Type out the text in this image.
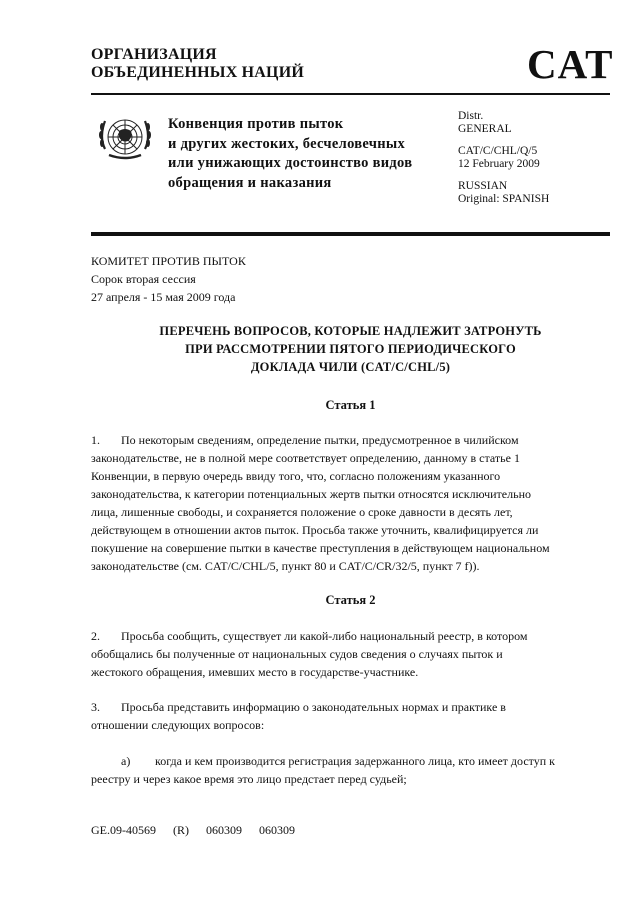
ОРГАНИЗАЦИЯ
ОБЪЕДИНЕННЫХ НАЦИЙ	CAT
Конвенция против пыток
и других жестоких, бесчеловечных
или унижающих достоинство видов
обращения и наказания
Distr.
GENERAL
CAT/C/CHL/Q/5
12 February 2009
RUSSIAN
Original: SPANISH
КОМИТЕТ ПРОТИВ ПЫТОК
Сорок вторая сессия
27 апреля - 15 мая 2009 года
ПЕРЕЧЕНЬ ВОПРОСОВ, КОТОРЫЕ НАДЛЕЖИТ ЗАТРОНУТЬ
ПРИ РАССМОТРЕНИИ ПЯТОГО ПЕРИОДИЧЕСКОГО
ДОКЛАДА ЧИЛИ (CAT/C/CHL/5)
Статья 1
1. По некоторым сведениям, определение пытки, предусмотренное в чилийском
законодательстве, не в полной мере соответствует определению, данному в статье 1
Конвенции, в первую очередь ввиду того, что, согласно положениям указанного
законодательства, к категории потенциальных жертв пытки относятся исключительно
лица, лишенные свободы, и сохраняется положение о сроке давности в десять лет,
действующем в отношении актов пыток. Просьба также уточнить, квалифицируется ли
покушение на совершение пытки в качестве преступления в действующем национальном
законодательстве (см. CAT/C/CHL/5, пункт 80 и CAT/C/CR/32/5, пункт 7 f)).
Статья 2
2. Просьба сообщить, существует ли какой-либо национальный реестр, в котором
обобщались бы полученные от национальных судов сведения о случаях пыток и
жестокого обращения, имевших место в государстве-участнике.
3. Просьба представить информацию о законодательных нормах и практике в
отношении следующих вопросов:
a) когда и кем производится регистрация задержанного лица, кто имеет доступ к
реестру и через какое время это лицо предстает перед судьей;
GE.09-40569 (R) 060309 060309
